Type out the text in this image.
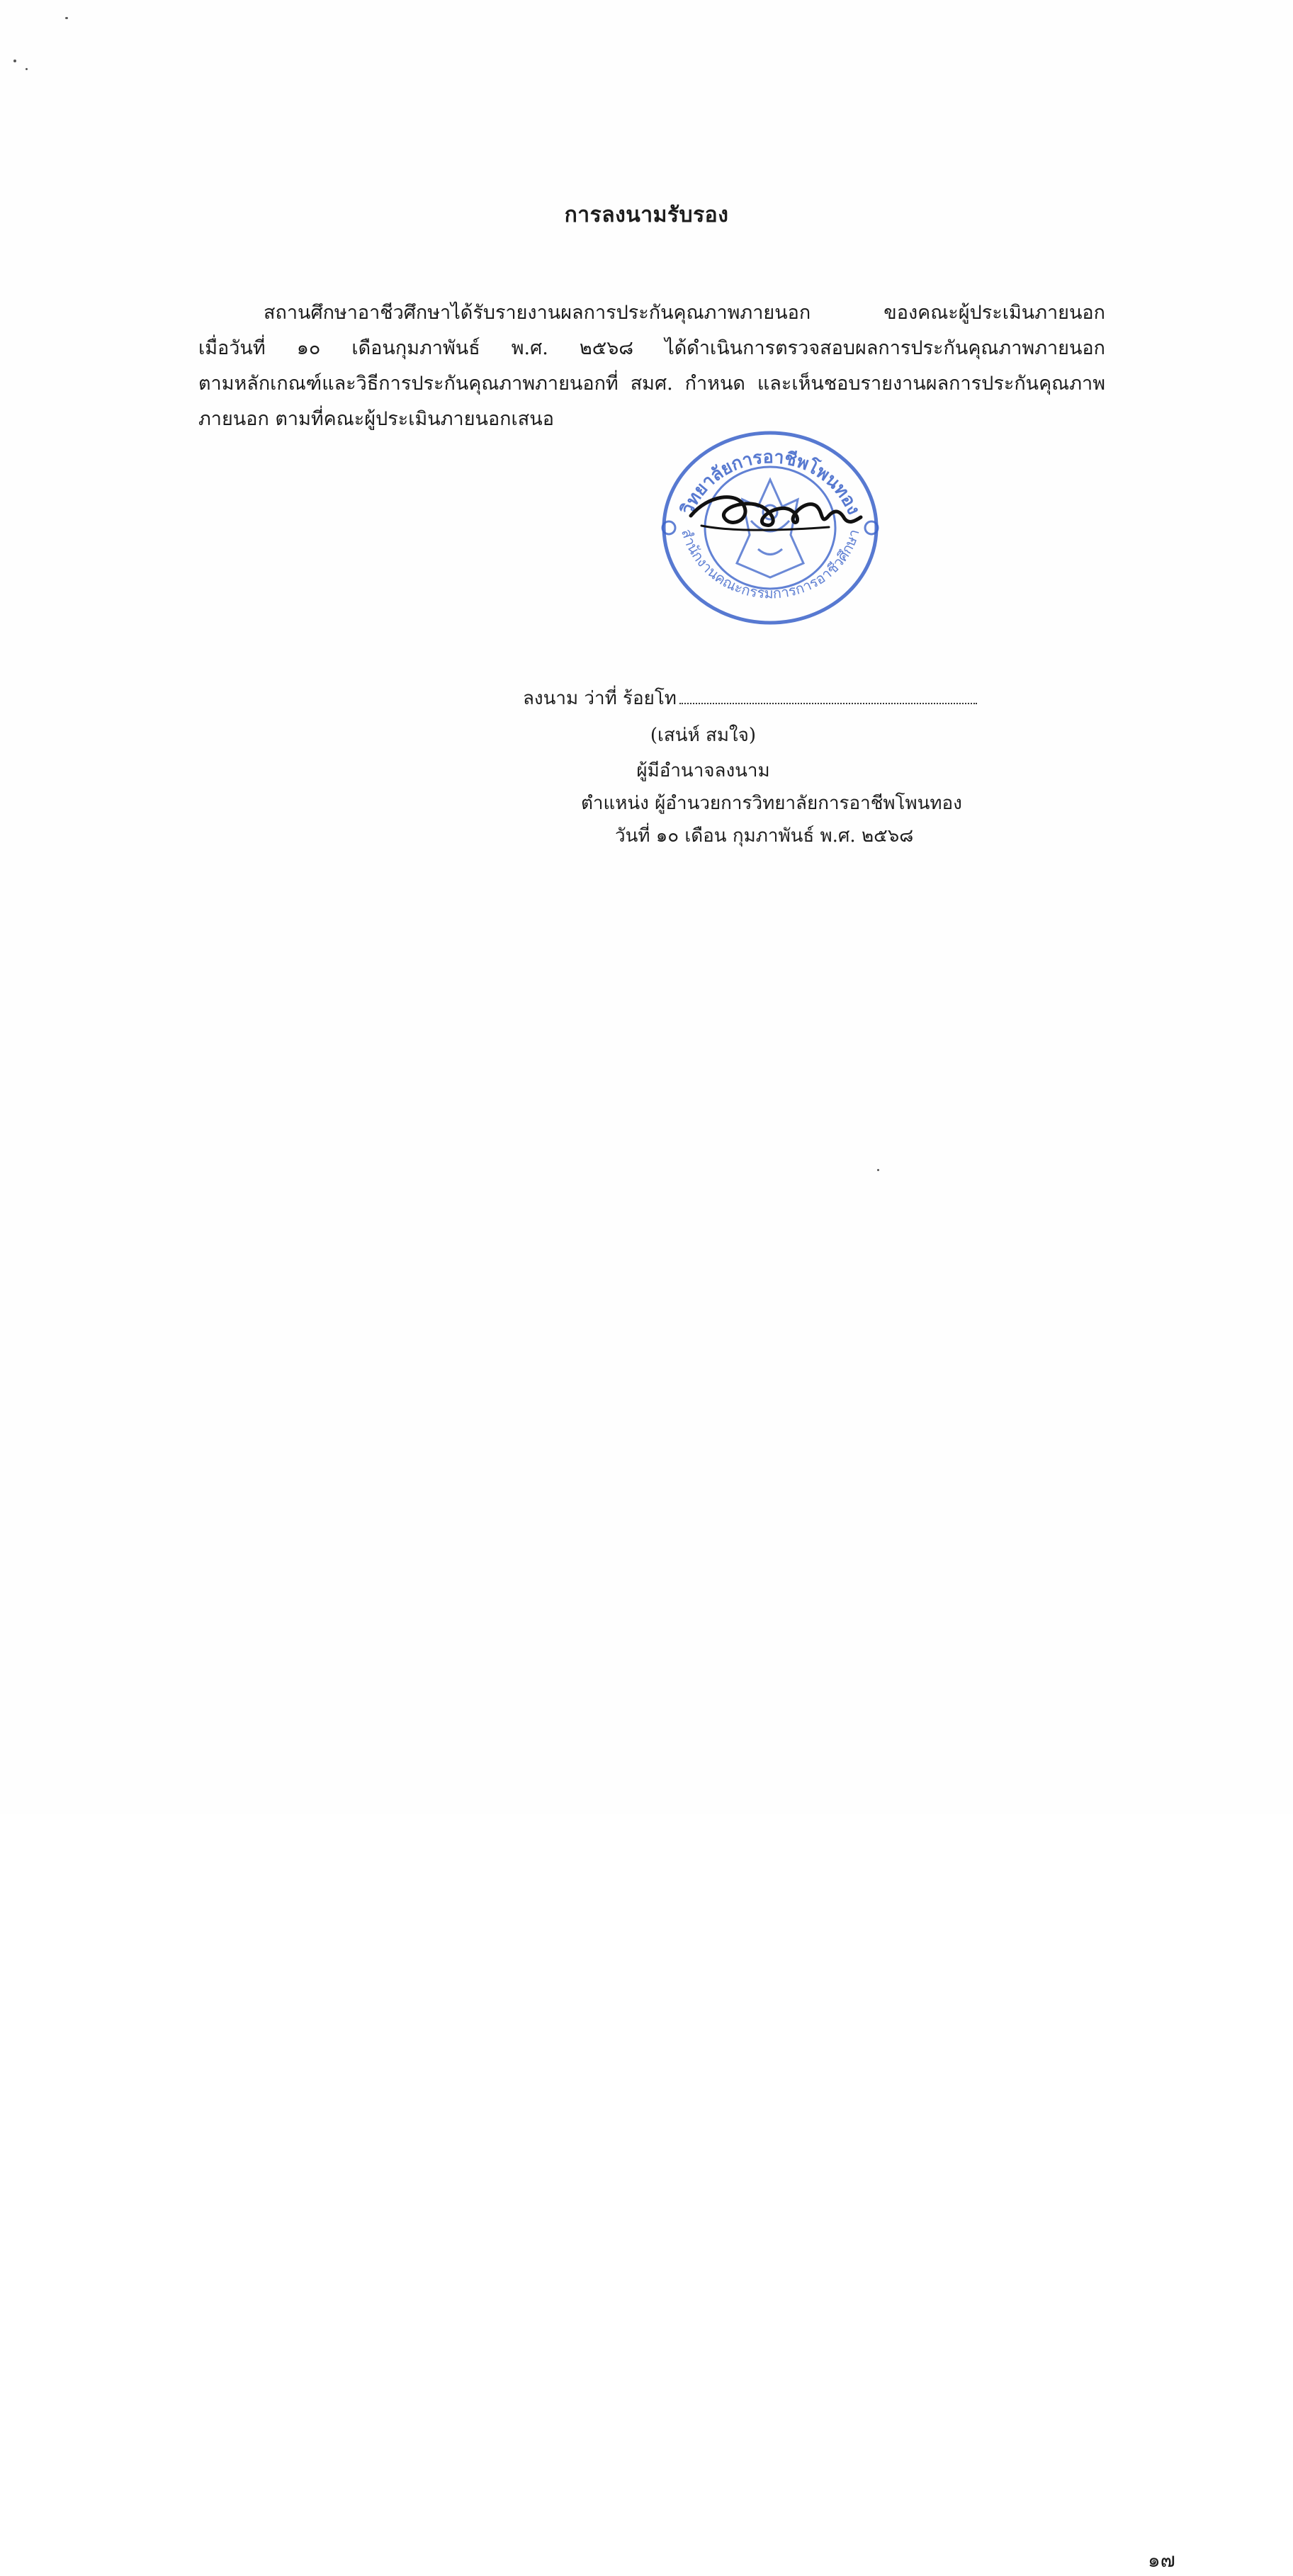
การลงนามรับรอง
สถานศึกษาอาชีวศึกษาได้รับรายงานผลการประกันคุณภาพภายนอก ของคณะผู้ประเมินภายนอก
เมื่อวันที่ ๑๐ เดือนกุมภาพันธ์ พ.ศ. ๒๕๖๘ ได้ดำเนินการตรวจสอบผลการประกันคุณภาพภายนอก
ตามหลักเกณฑ์และวิธีการประกันคุณภาพภายนอกที่ สมศ. กำหนด และเห็นชอบรายงานผลการประกันคุณภาพ
ภายนอก ตามที่คณะผู้ประเมินภายนอกเสนอ
วิทยาลัยการอาชีพโพนทอง
สำนักงานคณะกรรมการการอาชีวศึกษา
ลงนาม ว่าที่ ร้อยโท
(เสน่ห์ สมใจ)
ผู้มีอำนาจลงนาม
ตำแหน่ง ผู้อำนวยการวิทยาลัยการอาชีพโพนทอง
วันที่ ๑๐ เดือน กุมภาพันธ์ พ.ศ. ๒๕๖๘
๑๗
